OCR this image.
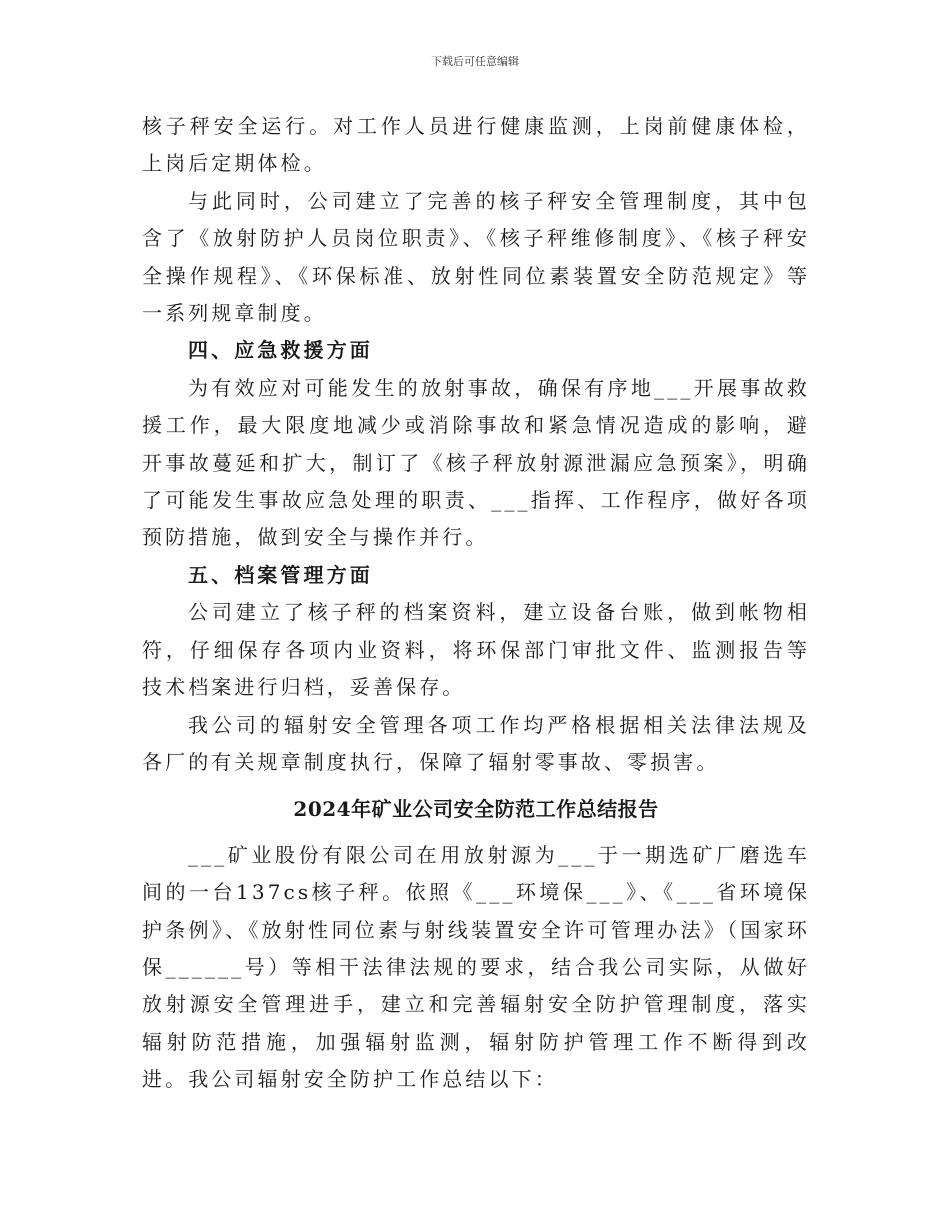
下载后可任意编辑

核子秤安全运行。对工作人员进行健康监测，上岗前健康体检，上岗后定期体检。

与此同时，公司建立了完善的核子秤安全管理制度，其中包含了《放射防护人员岗位职责》、《核子秤维修制度》、《核子秤安全操作规程》、《环保标准、放射性同位素装置安全防范规定》等一系列规章制度。

四、应急救援方面

为有效应对可能发生的放射事故，确保有序地___开展事故救援工作，最大限度地减少或消除事故和紧急情况造成的影响，避开事故蔓延和扩大，制订了《核子秤放射源泄漏应急预案》，明确了可能发生事故应急处理的职责、___指挥、工作程序，做好各项预防措施，做到安全与操作并行。

五、档案管理方面

公司建立了核子秤的档案资料，建立设备台账，做到帐物相符，仔细保存各项内业资料，将环保部门审批文件、监测报告等技术档案进行归档，妥善保存。

我公司的辐射安全管理各项工作均严格根据相关法律法规及各厂的有关规章制度执行，保障了辐射零事故、零损害。

2024年矿业公司安全防范工作总结报告

___矿业股份有限公司在用放射源为___于一期选矿厂磨选车间的一台137cs核子秤。依照《___环境保___》、《___省环境保护条例》、《放射性同位素与射线装置安全许可管理办法》（国家环保______号）等相干法律法规的要求，结合我公司实际，从做好放射源安全管理进手，建立和完善辐射安全防护管理制度，落实辐射防范措施，加强辐射监测，辐射防护管理工作不断得到改进。我公司辐射安全防护工作总结以下：
